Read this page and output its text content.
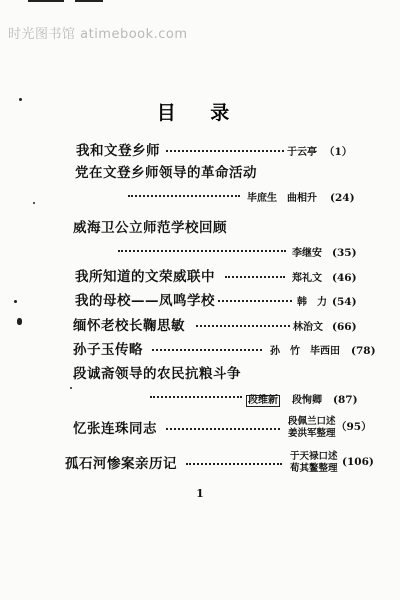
时光图书馆 atimebook.com
目 录
我和文登乡师	于云亭 （1）
党在文登乡师领导的革命活动
毕庶生　曲相升 (24)
威海卫公立师范学校回顾
李继安 (35)
我所知道的文荣威联中	郑礼文 (46)
我的母校——凤鸣学校	韩　力 (54)
缅怀老校长鞠思敏	林治文 (66)
孙子玉传略	孙　竹　毕西田 (78)
段诚斋领导的农民抗粮斗争
段维新 段恂卿 (87)
忆张连珠同志	段佩兰口述
姜洪军整理
（95）
孤石河惨案亲历记	于天禄口述
荀其鳌整理
(106)
1
